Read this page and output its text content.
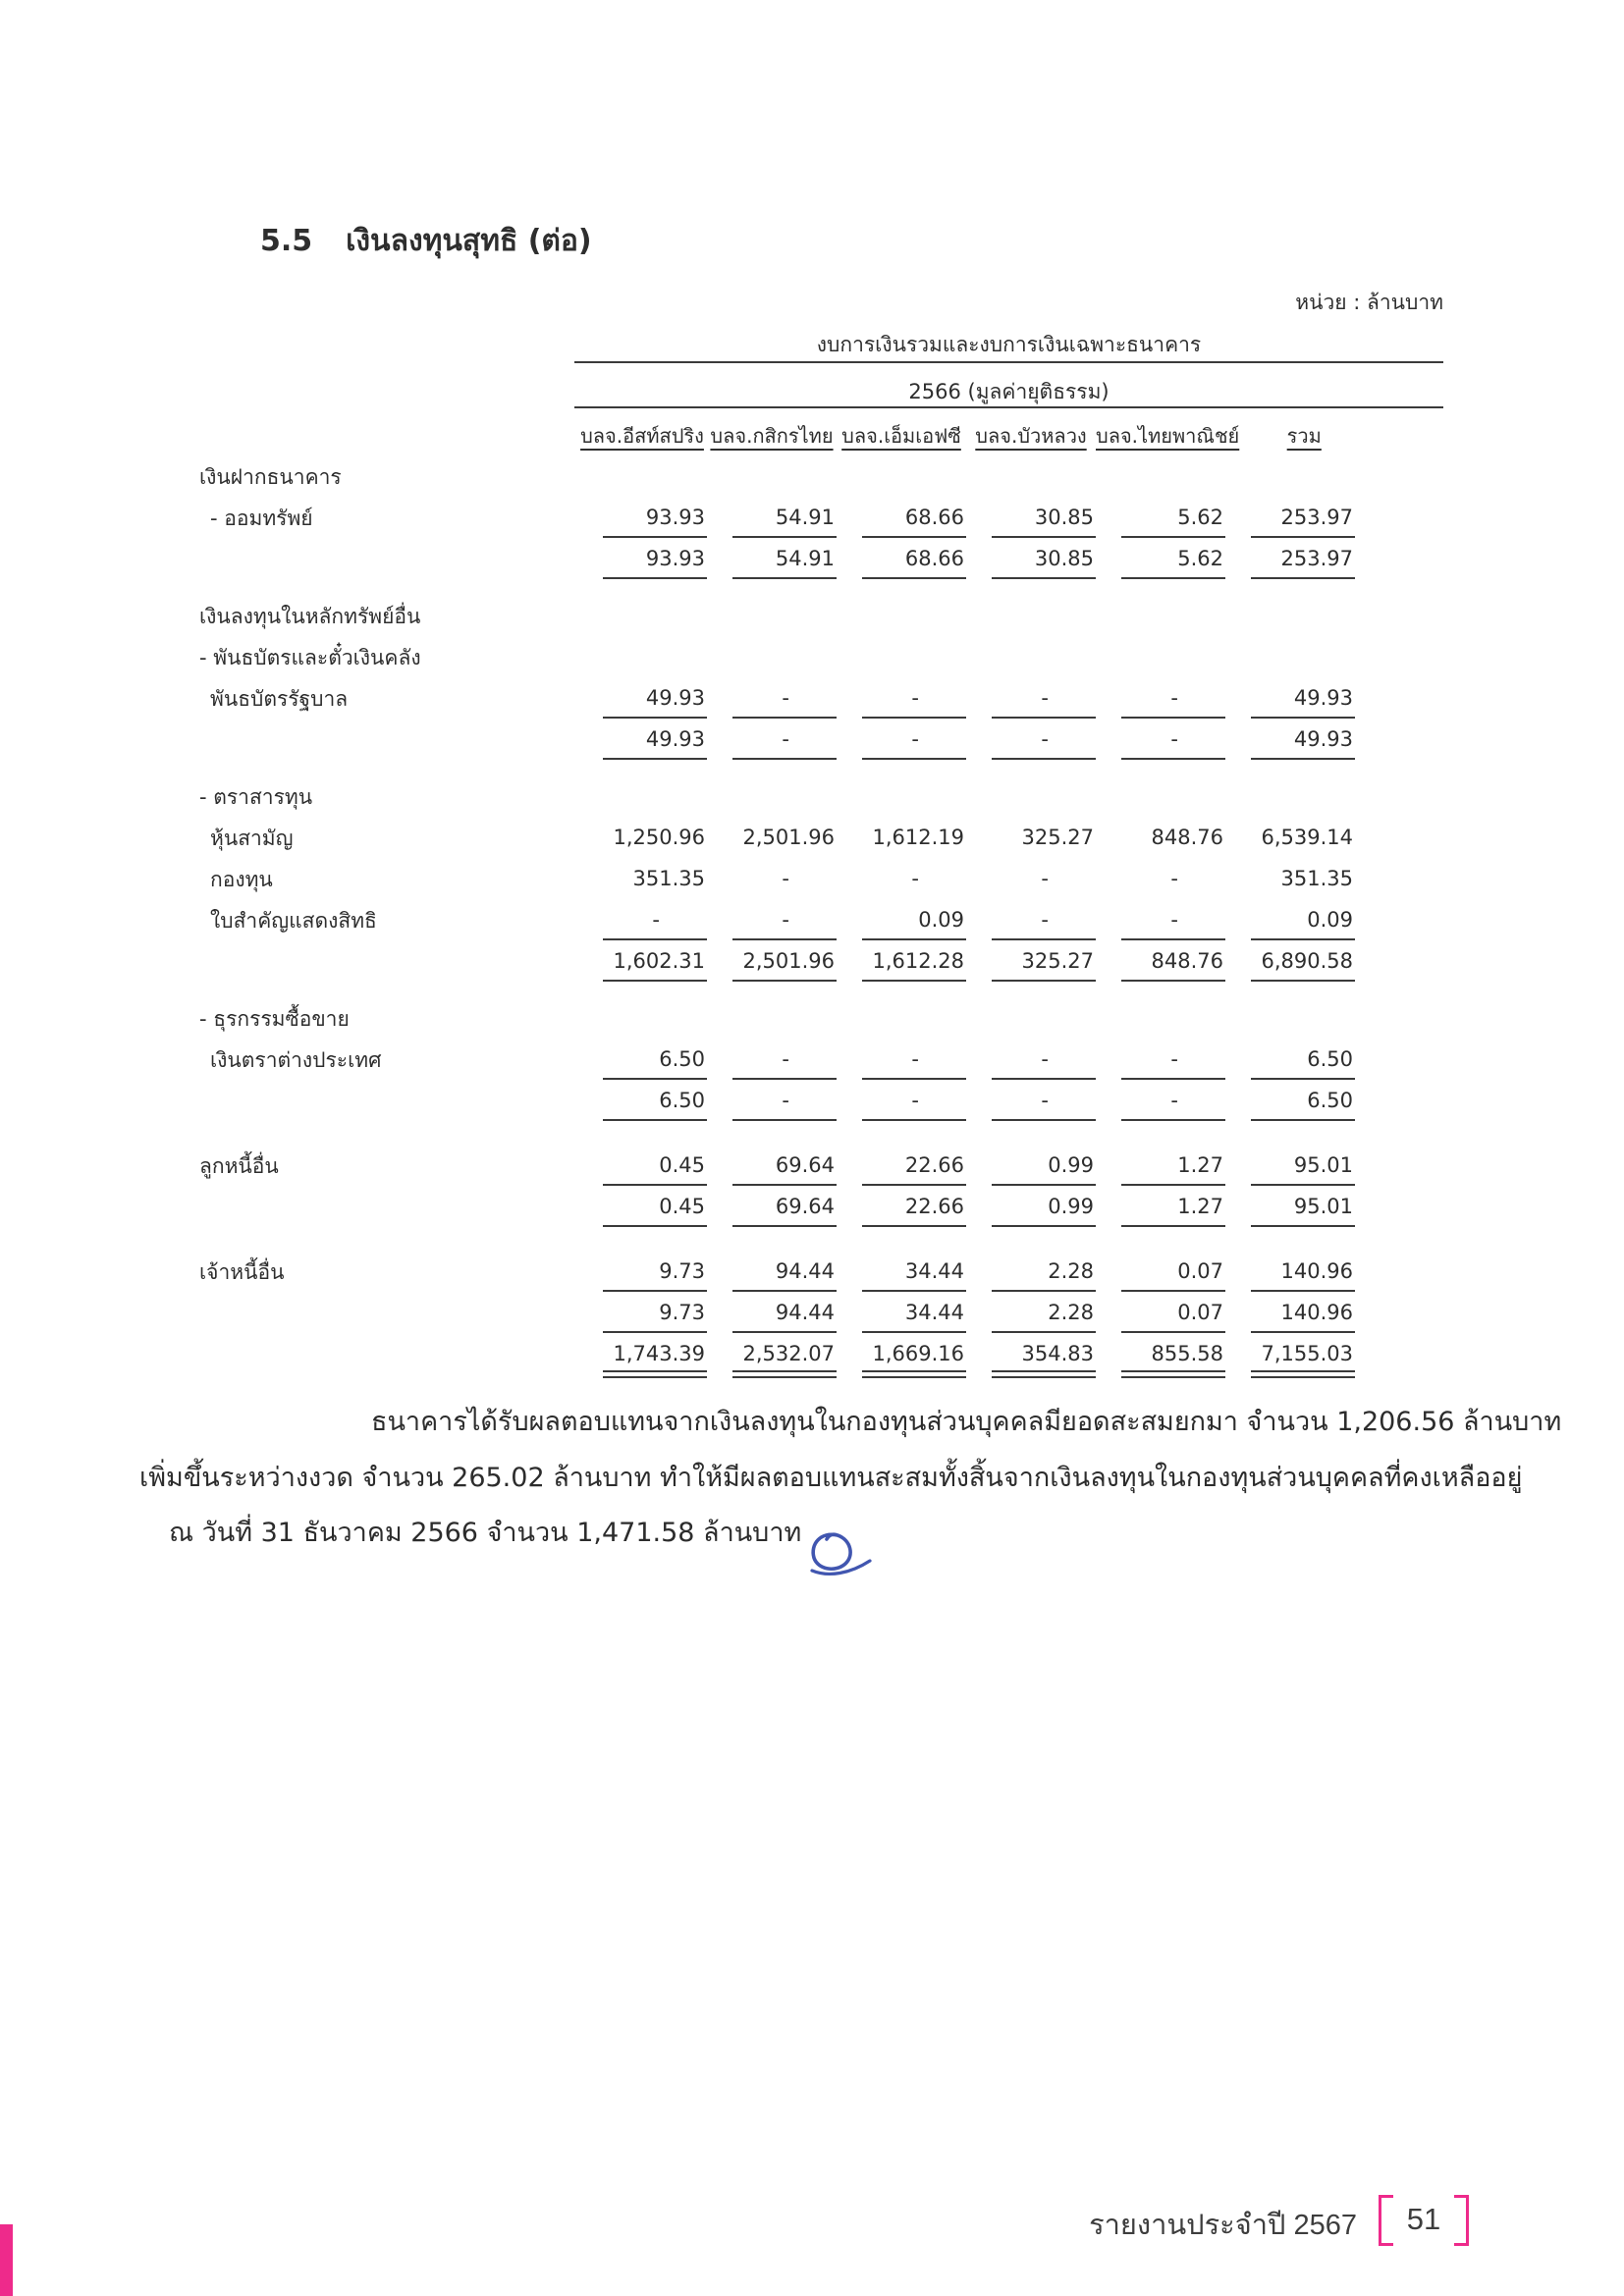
5.5 เงินลงทุนสุทธิ (ต่อ)
หน่วย : ล้านบาท
งบการเงินรวมและงบการเงินเฉพาะธนาคาร
2566 (มูลค่ายุติธรรม)
บลจ.อีสท์สปริง บลจ.กสิกรไทย บลจ.เอ็มเอฟซี บลจ.บัวหลวง บลจ.ไทยพาณิชย์	รวม
เงินฝากธนาคาร
- ออมทรัพย์	93.93	54.91	68.66	30.85	5.62	253.97
93.93	54.91	68.66	30.85	5.62	253.97
เงินลงทุนในหลักทรัพย์อื่น
- พันธบัตรและตั๋วเงินคลัง
พันธบัตรรัฐบาล	49.93	-	-	-	-	49.93
49.93	-	-	-	-	49.93
- ตราสารทุน
หุ้นสามัญ	1,250.96	2,501.96	1,612.19	325.27	848.76	6,539.14
กองทุน	351.35	-	-	-	-	351.35
ใบสำคัญแสดงสิทธิ	-	-	0.09	-	-	0.09
1,602.31	2,501.96	1,612.28	325.27	848.76	6,890.58
- ธุรกรรมซื้อขาย
เงินตราต่างประเทศ	6.50	-	-	-	-	6.50
6.50	-	-	-	-	6.50
ลูกหนี้อื่น	0.45	69.64	22.66	0.99	1.27	95.01
0.45	69.64	22.66	0.99	1.27	95.01
เจ้าหนี้อื่น	9.73	94.44	34.44	2.28	0.07	140.96
9.73	94.44	34.44	2.28	0.07	140.96
1,743.39	2,532.07	1,669.16	354.83	855.58	7,155.03
ธนาคารได้รับผลตอบแทนจากเงินลงทุนในกองทุนส่วนบุคคลมียอดสะสมยกมา จำนวน 1,206.56 ล้านบาท
เพิ่มขึ้นระหว่างงวด จำนวน 265.02 ล้านบาท ทำให้มีผลตอบแทนสะสมทั้งสิ้นจากเงินลงทุนในกองทุนส่วนบุคคลที่คงเหลืออยู่
ณ วันที่ 31 ธันวาคม 2566 จำนวน 1,471.58 ล้านบาท
รายงานประจำปี 2567	51
